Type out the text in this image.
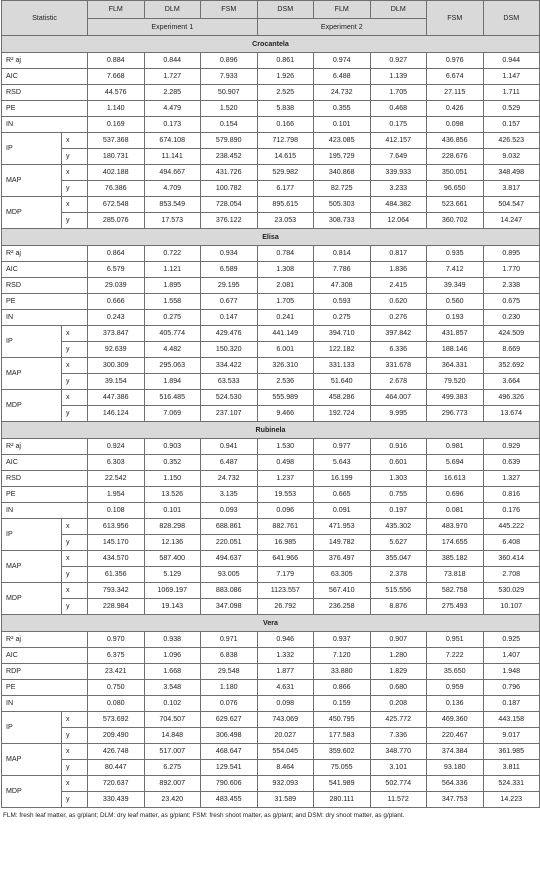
Statistic		FLM	DLM	FSM	DSM	FLM	DLM	FSM	DSM
		Experiment 1			Experiment 2				
Crocantela									
R² aj		0.884	0.844	0.896	0.861	0.974	0.927	0.976	0.944
AIC		7.668	1.727	7.933	1.926	6.488	1.139	6.674	1.147
RSD		44.576	2.285	50.907	2.525	24.732	1.705	27.115	1.711
PE		1.140	4.479	1.520	5.838	0.355	0.468	0.426	0.529
IN		0.169	0.173	0.154	0.166	0.101	0.175	0.098	0.157
IP	x	537.368	674.108	579.890	712.798	423.085	412.157	436.856	426.523
	y	180.731	11.141	238.452	14.615	195.729	7.649	228.676	9.032
MAP	x	402.188	494.667	431.726	529.982	340.868	339.933	350.051	348.498
	y	76.386	4.709	100.782	6.177	82.725	3.233	96.650	3.817
MDP	x	672.548	853.549	728.054	895.615	505.303	484.382	523.661	504.547
	y	285.076	17.573	376.122	23.053	308.733	12.064	360.702	14.247
Elisa									
R² aj		0.864	0.722	0.934	0.784	0.814	0.817	0.935	0.895
AIC		6.579	1.121	6.589	1.308	7.786	1.836	7.412	1.770
RSD		29.039	1.895	29.195	2.081	47.308	2.415	39.349	2.338
PE		0.666	1.558	0.677	1.705	0.593	0.620	0.560	0.675
IN		0.243	0.275	0.147	0.241	0.275	0.276	0.193	0.230
IP	x	373.847	405.774	429.476	441.149	394.710	397.842	431.857	424.509
	y	92.639	4.482	150.320	6.001	122.182	6.336	188.146	8.669
MAP	x	300.309	295.063	334.422	326.310	331.133	331.678	364.331	352.692
	y	39.154	1.894	63.533	2.536	51.640	2.678	79.520	3.664
MDP	x	447.386	516.485	524.530	555.989	458.286	464.007	499.383	496.326
	y	146.124	7.069	237.107	9.466	192.724	9.995	296.773	13.674
Rubinela									
R² aj		0.924	0.903	0.941	1.530	0.977	0.916	0.981	0.929
AIC		6.303	0.352	6.487	0.498	5.643	0.601	5.694	0.639
RSD		22.542	1.150	24.732	1.237	16.199	1.303	16.613	1.327
PE		1.954	13.526	3.135	19.553	0.665	0.755	0.696	0.816
IN		0.108	0.101	0.093	0.096	0.091	0.197	0.081	0.176
IP	x	613.956	828.298	688.861	882.761	471.953	435.302	483.970	445.222
	y	145.170	12.136	220.051	16.985	149.782	5.627	174.655	6.408
MAP	x	434.570	587.400	494.637	641.966	376.497	355.047	385.182	360.414
	y	61.356	5.129	93.005	7.179	63.305	2.378	73.818	2.708
MDP	x	793.342	1069.197	883.086	1123.557	567.410	515.556	582.758	530.029
	y	228.984	19.143	347.098	26.792	236.258	8.876	275.493	10.107
Vera									
R² aj		0.970	0.938	0.971	0.946	0.937	0.907	0.951	0.925
AIC		6.375	1.096	6.838	1.332	7.120	1.280	7.222	1.407
RDP		23.421	1.668	29.548	1.877	33.880	1.829	35.650	1.948
PE		0.750	3.548	1.180	4.631	0.866	0.680	0.959	0.796
IN		0.080	0.102	0.076	0.098	0.159	0.208	0.136	0.187
IP	x	573.692	704.507	629.627	743.069	450.795	425.772	469.360	443.158
	y	209.490	14.848	306.498	20.027	177.583	7.336	220.467	9.017
MAP	x	426.748	517.007	468.647	554.045	359.602	348.770	374.384	361.985
	y	80.447	6.275	129.541	8.464	75.055	3.101	93.180	3.811
MDP	x	720.637	892.007	790.606	932.093	541.989	502.774	564.336	524.331
	y	330.439	23.420	483.455	31.589	280.111	11.572	347.753	14.223
FLM: fresh leaf matter, as g/plant; DLM: dry leaf matter, as g/plant; FSM: fresh shoot matter, as g/plant; and DSM: dry shoot matter, as g/plant.
